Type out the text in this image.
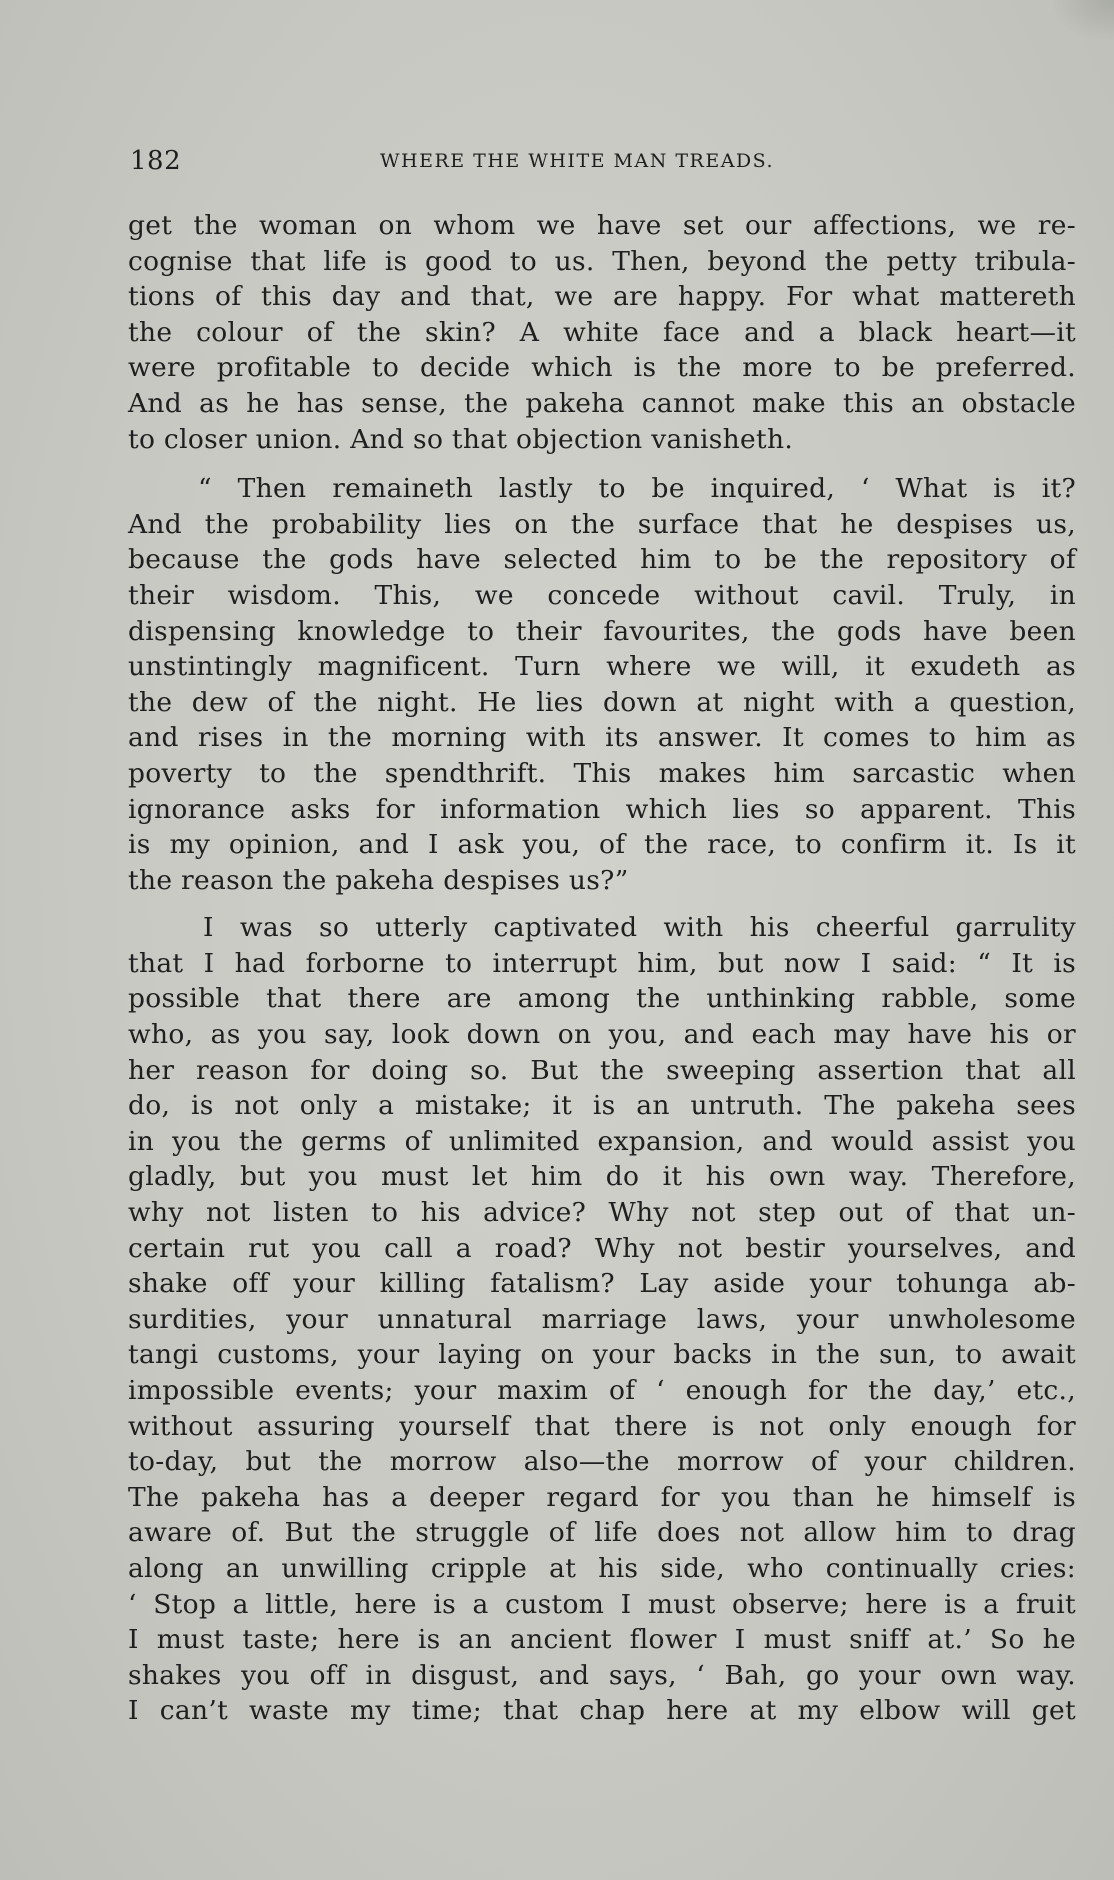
182	WHERE THE WHITE MAN TREADS.
get the woman on whom we have set our affections, we re-
cognise that life is good to us. Then, beyond the petty tribula-
tions of this day and that, we are happy. For what mattereth
the colour of the skin? A white face and a black heart—it
were profitable to decide which is the more to be preferred.
And as he has sense, the pakeha cannot make this an obstacle
to closer union. And so that objection vanisheth.
“ Then remaineth lastly to be inquired, ‘ What is it?
And the probability lies on the surface that he despises us,
because the gods have selected him to be the repository of
their wisdom. This, we concede without cavil. Truly, in
dispensing knowledge to their favourites, the gods have been
unstintingly magnificent. Turn where we will, it exudeth as
the dew of the night. He lies down at night with a question,
and rises in the morning with its answer. It comes to him as
poverty to the spendthrift. This makes him sarcastic when
ignorance asks for information which lies so apparent. This
is my opinion, and I ask you, of the race, to confirm it. Is it
the reason the pakeha despises us?”
I was so utterly captivated with his cheerful garrulity
that I had forborne to interrupt him, but now I said: “ It is
possible that there are among the unthinking rabble, some
who, as you say, look down on you, and each may have his or
her reason for doing so. But the sweeping assertion that all
do, is not only a mistake; it is an untruth. The pakeha sees
in you the germs of unlimited expansion, and would assist you
gladly, but you must let him do it his own way. Therefore,
why not listen to his advice? Why not step out of that un-
certain rut you call a road? Why not bestir yourselves, and
shake off your killing fatalism? Lay aside your tohunga ab-
surdities, your unnatural marriage laws, your unwholesome
tangi customs, your laying on your backs in the sun, to await
impossible events; your maxim of ‘ enough for the day,’ etc.,
without assuring yourself that there is not only enough for
to-day, but the morrow also—the morrow of your children.
The pakeha has a deeper regard for you than he himself is
aware of. But the struggle of life does not allow him to drag
along an unwilling cripple at his side, who continually cries:
‘ Stop a little, here is a custom I must observe; here is a fruit
I must taste; here is an ancient flower I must sniff at.’ So he
shakes you off in disgust, and says, ‘ Bah, go your own way.
I can’t waste my time; that chap here at my elbow will get
